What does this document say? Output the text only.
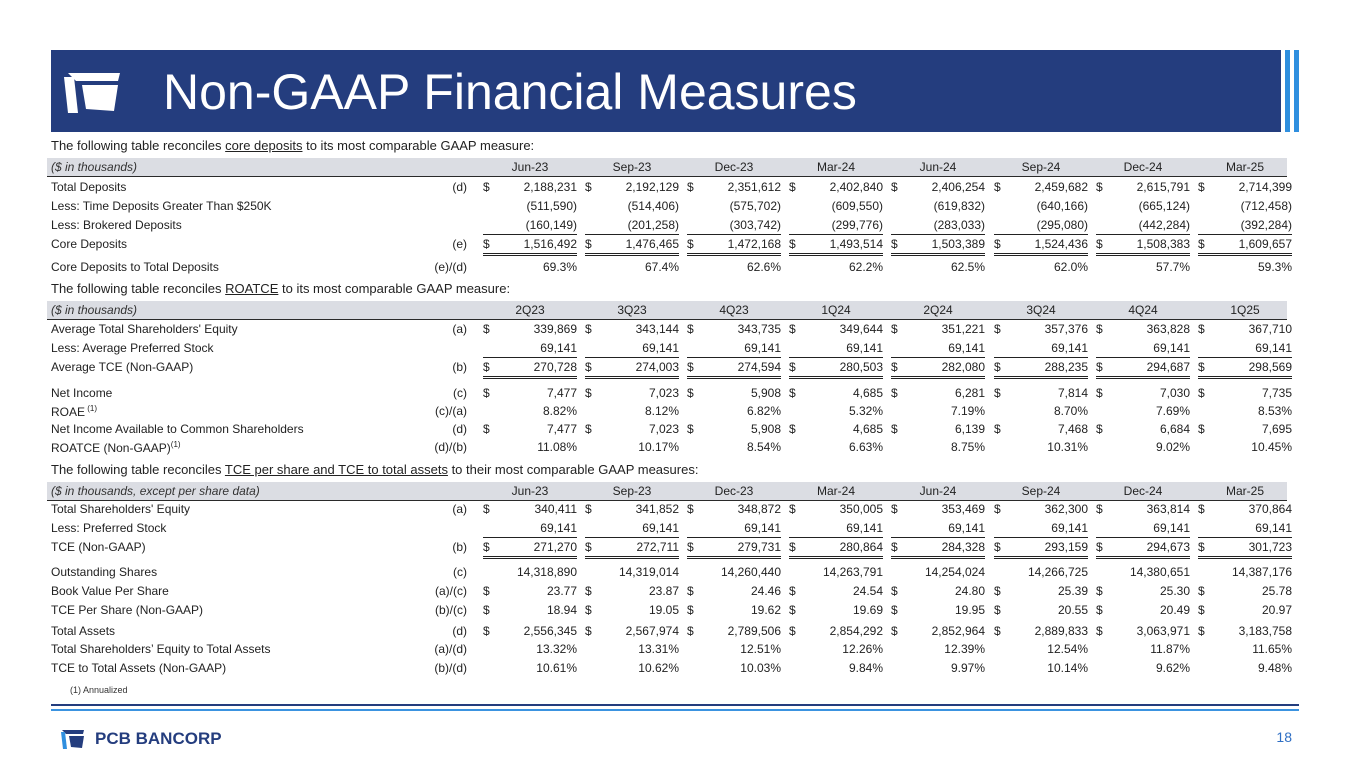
Non-GAAP Financial Measures
The following table reconciles core deposits to its most comparable GAAP measure:
($ in thousands)	Jun-23	Sep-23	Dec-23	Mar-24	Jun-24	Sep-24	Dec-24	Mar-25
Total Deposits	(d) $	2,188,231 $	2,192,129 $	2,351,612 $	2,402,840 $	2,406,254 $	2,459,682 $	2,615,791 $	2,714,399
Less: Time Deposits Greater Than $250K	(511,590)	(514,406)	(575,702)	(609,550)	(619,832)	(640,166)	(665,124)	(712,458)
Less: Brokered Deposits	(160,149)	(201,258)	(303,742)	(299,776)	(283,033)	(295,080)	(442,284)	(392,284)
Core Deposits	(e) $	1,516,492 $	1,476,465 $	1,472,168 $	1,493,514 $	1,503,389 $	1,524,436 $	1,508,383 $	1,609,657
Core Deposits to Total Deposits	(e)/(d)	69.3%	67.4%	62.6%	62.2%	62.5%	62.0%	57.7%	59.3%
The following table reconciles ROATCE to its most comparable GAAP measure:
($ in thousands)	2Q23	3Q23	4Q23	1Q24	2Q24	3Q24	4Q24	1Q25
Average Total Shareholders' Equity	(a) $	339,869 $	343,144 $	343,735 $	349,644 $	351,221 $	357,376 $	363,828 $	367,710
Less: Average Preferred Stock	69,141	69,141	69,141	69,141	69,141	69,141	69,141	69,141
Average TCE (Non-GAAP)	(b) $	270,728 $	274,003 $	274,594 $	280,503 $	282,080 $	288,235 $	294,687 $	298,569
Net Income	(c) $	7,477 $	7,023 $	5,908 $	4,685 $	6,281 $	7,814 $	7,030 $	7,735
ROAE $^{(1)}$	(c)/(a)	8.82%	8.12%	6.82%	5.32%	7.19%	8.70%	7.69%	8.53%
Net Income Available to Common Shareholders	(d) $	7,477 $	7,023 $	5,908 $	4,685 $	6,139 $	7,468 $	6,684 $	7,695
ROATCE (Non-GAAP)$^{(1)}$	(d)/(b)	11.08%	10.17%	8.54%	6.63%	8.75%	10.31%	9.02%	10.45%
The following table reconciles TCE per share and TCE to total assets to their most comparable GAAP measures:
($ in thousands, except per share data)	Jun-23	Sep-23	Dec-23	Mar-24	Jun-24	Sep-24	Dec-24	Mar-25
Total Shareholders' Equity	(a) $	340,411 $	341,852 $	348,872 $	350,005 $	353,469 $	362,300 $	363,814 $	370,864
Less: Preferred Stock	69,141	69,141	69,141	69,141	69,141	69,141	69,141	69,141
TCE (Non-GAAP)	(b) $	271,270 $	272,711 $	279,731 $	280,864 $	284,328 $	293,159 $	294,673 $	301,723
Outstanding Shares	(c)	14,318,890	14,319,014	14,260,440	14,263,791	14,254,024	14,266,725	14,380,651	14,387,176
Book Value Per Share	(a)/(c) $	23.77 $	23.87 $	24.46 $	24.54 $	24.80 $	25.39 $	25.30 $	25.78
TCE Per Share (Non-GAAP)	(b)/(c) $	18.94 $	19.05 $	19.62 $	19.69 $	19.95 $	20.55 $	20.49 $	20.97
Total Assets	(d) $	2,556,345 $	2,567,974 $	2,789,506 $	2,854,292 $	2,852,964 $	2,889,833 $	3,063,971 $	3,183,758
Total Shareholders’ Equity to Total Assets	(a)/(d)	13.32%	13.31%	12.51%	12.26%	12.39%	12.54%	11.87%	11.65%
TCE to Total Assets (Non-GAAP)	(b)/(d)	10.61%	10.62%	10.03%	9.84%	9.97%	10.14%	9.62%	9.48%
(1) Annualized
PCB BANCORP	18
